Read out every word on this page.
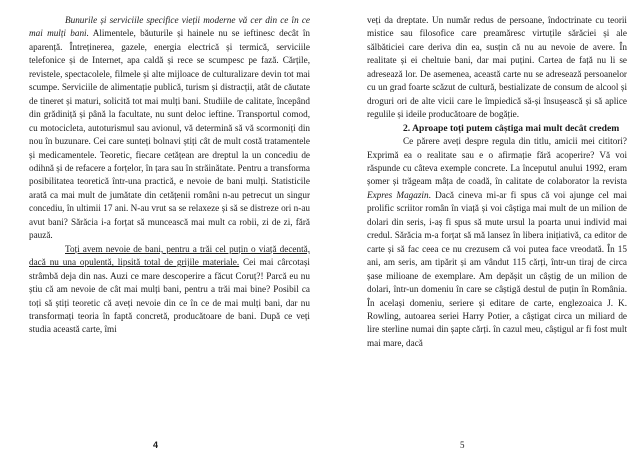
Bunurile și serviciile specifice vieții moderne vă cer din ce în ce mai mulți bani. Alimentele, băuturile și hainele nu se ieftinesc decât în aparență. Întreținerea, gazele, energia electrică și termică, serviciile telefonice și de Internet, apa caldă și rece se scumpesc pe fază. Cărțile, revistele, spectacolele, filmele și alte mijloace de culturalizare devin tot mai scumpe. Serviciile de alimentație publică, turism și distracții, atât de căutate de tineret și maturi, solicită tot mai mulți bani. Studiile de calitate, începând din grădiniță și până la facultate, nu sunt deloc ieftine. Transportul comod, cu motocicleta, autoturismul sau avionul, vă determină să vă scormoniți din nou în buzunare. Cei care sunteți bolnavi știți cât de mult costă tratamentele și medicamentele. Teoretic, fiecare cetățean are dreptul la un concediu de odihnă și de refacere a forțelor, în țara sau în străinătate. Pentru a transforma posibilitatea teoretică într-una practică, e nevoie de bani mulți. Statisticile arată ca mai mult de jumătate din cetățenii români n-au petrecut un singur concediu, în ultimii 17 ani. N-au vrut sa se relaxeze și să se distreze ori n-au avut bani? Sărăcia i-a forțat să muncească mai mult ca robii, zi de zi, fără pauză.

Toți avem nevoie de bani, pentru a trăi cel puțin o viață decentă, dacă nu una opulentă, lipsită total de grijile materiale. Cei mai cârcotași strâmbă deja din nas. Auzi ce mare descoperire a făcut Coruț?! Parcă eu nu știu că am nevoie de cât mai mulți bani, pentru a trăi mai bine? Posibil ca toți să știți teoretic că aveți nevoie din ce în ce de mai mulți bani, dar nu transformați teoria în faptă concretă, producătoare de bani. După ce veți studia această carte, îmi

veți da dreptate. Un număr redus de persoane, îndoctrinate cu teorii mistice sau filosofice care preamăresc virtuțile sărăciei și ale sălbăticiei care deriva din ea, susțin că nu au nevoie de avere. În realitate și ei cheltuie bani, dar mai puțini. Cartea de față nu li se adresează lor. De asemenea, această carte nu se adresează persoanelor cu un grad foarte scăzut de cultură, bestializate de consum de alcool și droguri ori de alte vicii care le împiedică să-și însușească și să aplice regulile și ideile producătoare de bogăție.

2. Aproape toți putem câștiga mai mult decât credem

Ce părere aveți despre regula din titlu, amicii mei cititori? Exprimă ea o realitate sau e o afirmație fără acoperire? Vă voi răspunde cu câteva exemple concrete. La începutul anului 1992, eram șomer și trăgeam mâța de coadă, în calitate de colaborator la revista Expres Magazin. Dacă cineva mi-ar fi spus că voi ajunge cel mai prolific scriitor român în viață și voi câștiga mai mult de un milion de dolari din seris, i-aș fi spus să mute ursul la poarta unui individ mai credul. Sărăcia m-a forțat să mă lansez în libera inițiativă, ca editor de carte și să fac ceea ce nu crezusem că voi putea face vreodată. În 15 ani, am seris, am tipărit și am vândut 115 cărți, într-un tiraj de circa șase milioane de exemplare. Am depășit un câștig de un milion de dolari, într-un domeniu în care se câștigă destul de puțin în România. În același domeniu, seriere și editare de carte, englezoaica J. K. Rowling, autoarea seriei Harry Potier, a câștigat circa un miliard de lire sterline numai din șapte cărți. în cazul meu, câștigul ar fi fost mult mai mare, dacă

4	5
